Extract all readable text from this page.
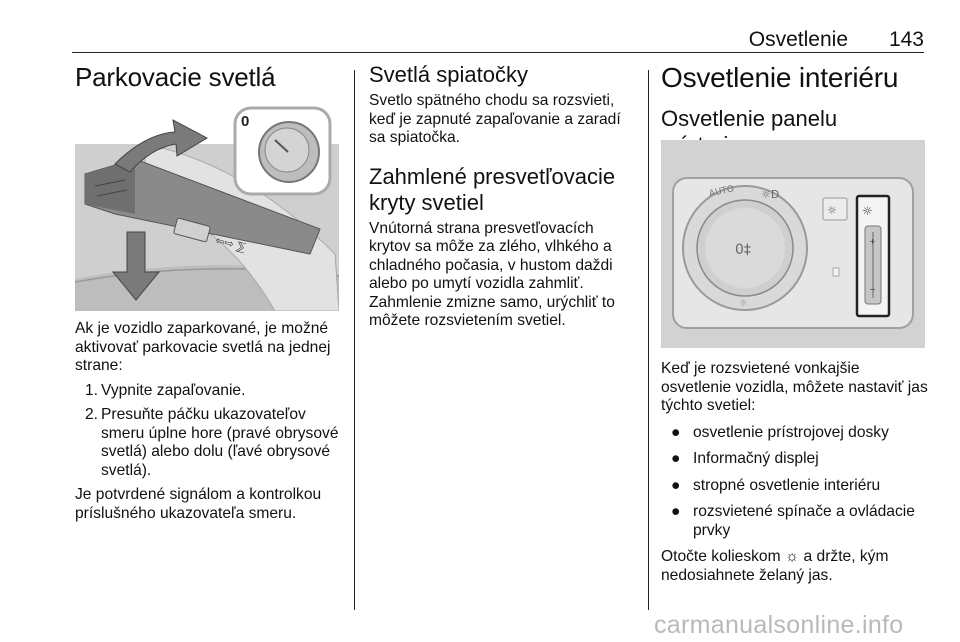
Osvetlenie 143
Parkovacie svetlá
⇦⇨ ⅀
0

Ak je vozidlo zaparkované, je možné aktivovať parkovacie svetlá na jednej strane:

1. Vypnite zapaľovanie.
2. Presuňte páčku ukazovateľov smeru úplne hore (pravé obrysové svetlá) alebo dolu (ľavé obrysové svetlá).

Je potvrdené signálom a kontrolkou príslušného ukazovateľa smeru.

Svetlá spiatočky

Svetlo spätného chodu sa rozsvieti, keď je zapnuté zapaľovanie a zaradí sa spiatočka.

Zahmlené presvetľovacie kryty svetiel

Vnútorná strana presvetľovacích krytov sa môže za zlého, vlhkého a chladného počasia, v hustom daždi alebo po umytí vozidla zahmliť. Zahmlenie zmizne samo, urýchliť to môžete rozsvietením svetiel.

Osvetlenie interiéru
Osvetlenie panelu
0‡
AUTO ☼D
☼
☼ ☼
+
−

Keď je rozsvietené vonkajšie osvetlenie vozidla, môžete nastaviť jas týchto svetiel:

● osvetlenie prístrojovej dosky
● Informačný displej
● stropné osvetlenie interiéru
● rozsvietené spínače a ovládacie prvky

Otočte kolieskom ☼ a držte, kým nedosiahnete želaný jas.

carmanualsonline.info
